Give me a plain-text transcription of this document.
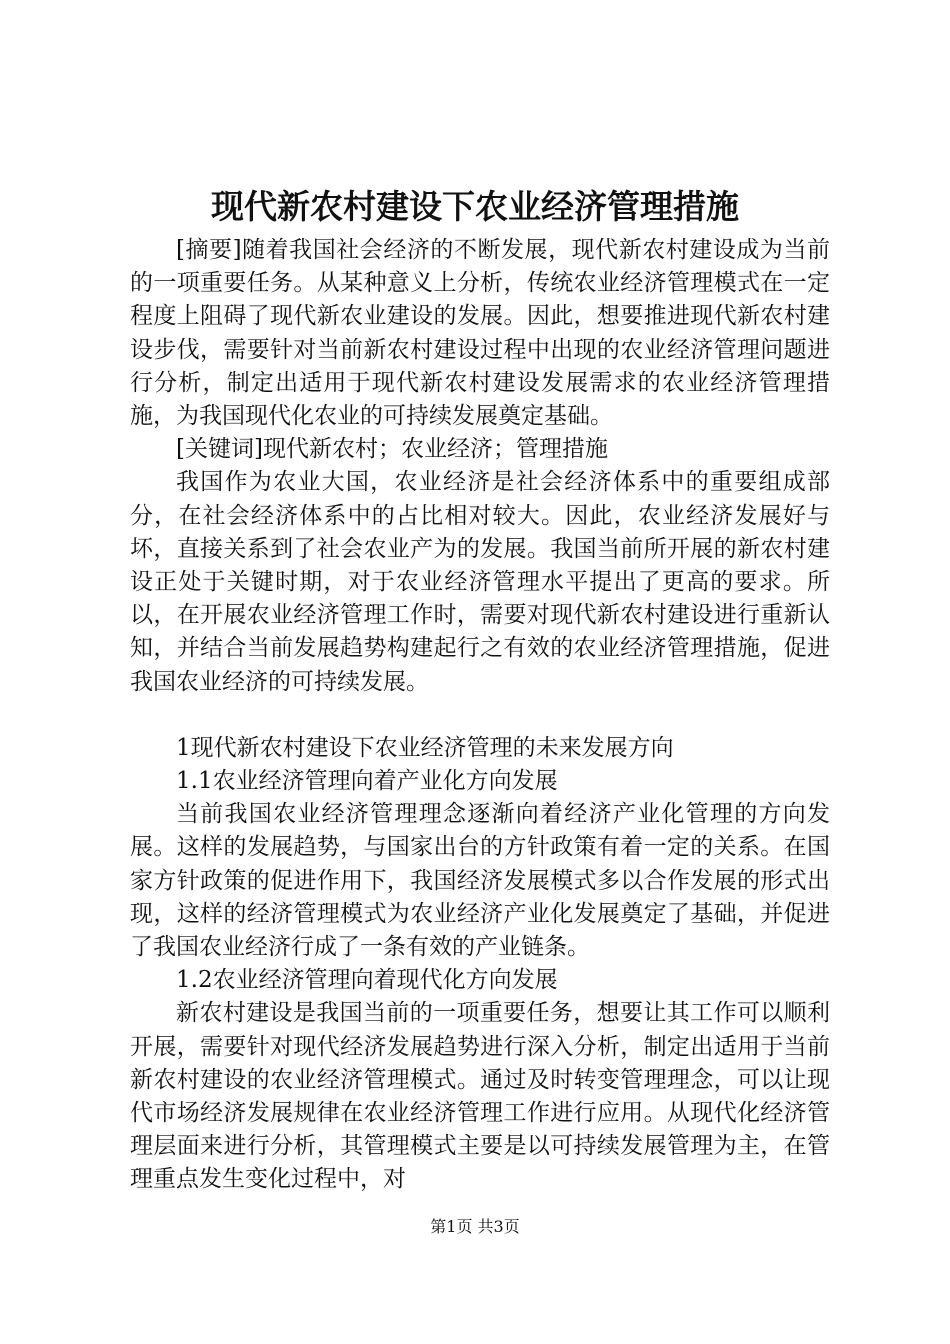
现代新农村建设下农业经济管理措施

[摘要]随着我国社会经济的不断发展，现代新农村建设成为当前的一项重要任务。从某种意义上分析，传统农业经济管理模式在一定程度上阻碍了现代新农业建设的发展。因此，想要推进现代新农村建设步伐，需要针对当前新农村建设过程中出现的农业经济管理问题进行分析，制定出适用于现代新农村建设发展需求的农业经济管理措施，为我国现代化农业的可持续发展奠定基础。

[关键词]现代新农村；农业经济；管理措施

我国作为农业大国，农业经济是社会经济体系中的重要组成部分，在社会经济体系中的占比相对较大。因此，农业经济发展好与坏，直接关系到了社会农业产为的发展。我国当前所开展的新农村建设正处于关键时期，对于农业经济管理水平提出了更高的要求。所以，在开展农业经济管理工作时，需要对现代新农村建设进行重新认知，并结合当前发展趋势构建起行之有效的农业经济管理措施，促进我国农业经济的可持续发展。

1现代新农村建设下农业经济管理的未来发展方向

1.1农业经济管理向着产业化方向发展

当前我国农业经济管理理念逐渐向着经济产业化管理的方向发展。这样的发展趋势，与国家出台的方针政策有着一定的关系。在国家方针政策的促进作用下，我国经济发展模式多以合作发展的形式出现，这样的经济管理模式为农业经济产业化发展奠定了基础，并促进了我国农业经济行成了一条有效的产业链条。

1.2农业经济管理向着现代化方向发展

新农村建设是我国当前的一项重要任务，想要让其工作可以顺利开展，需要针对现代经济发展趋势进行深入分析，制定出适用于当前新农村建设的农业经济管理模式。通过及时转变管理理念，可以让现代市场经济发展规律在农业经济管理工作进行应用。从现代化经济管理层面来进行分析，其管理模式主要是以可持续发展管理为主，在管理重点发生变化过程中，对

第1页 共3页
